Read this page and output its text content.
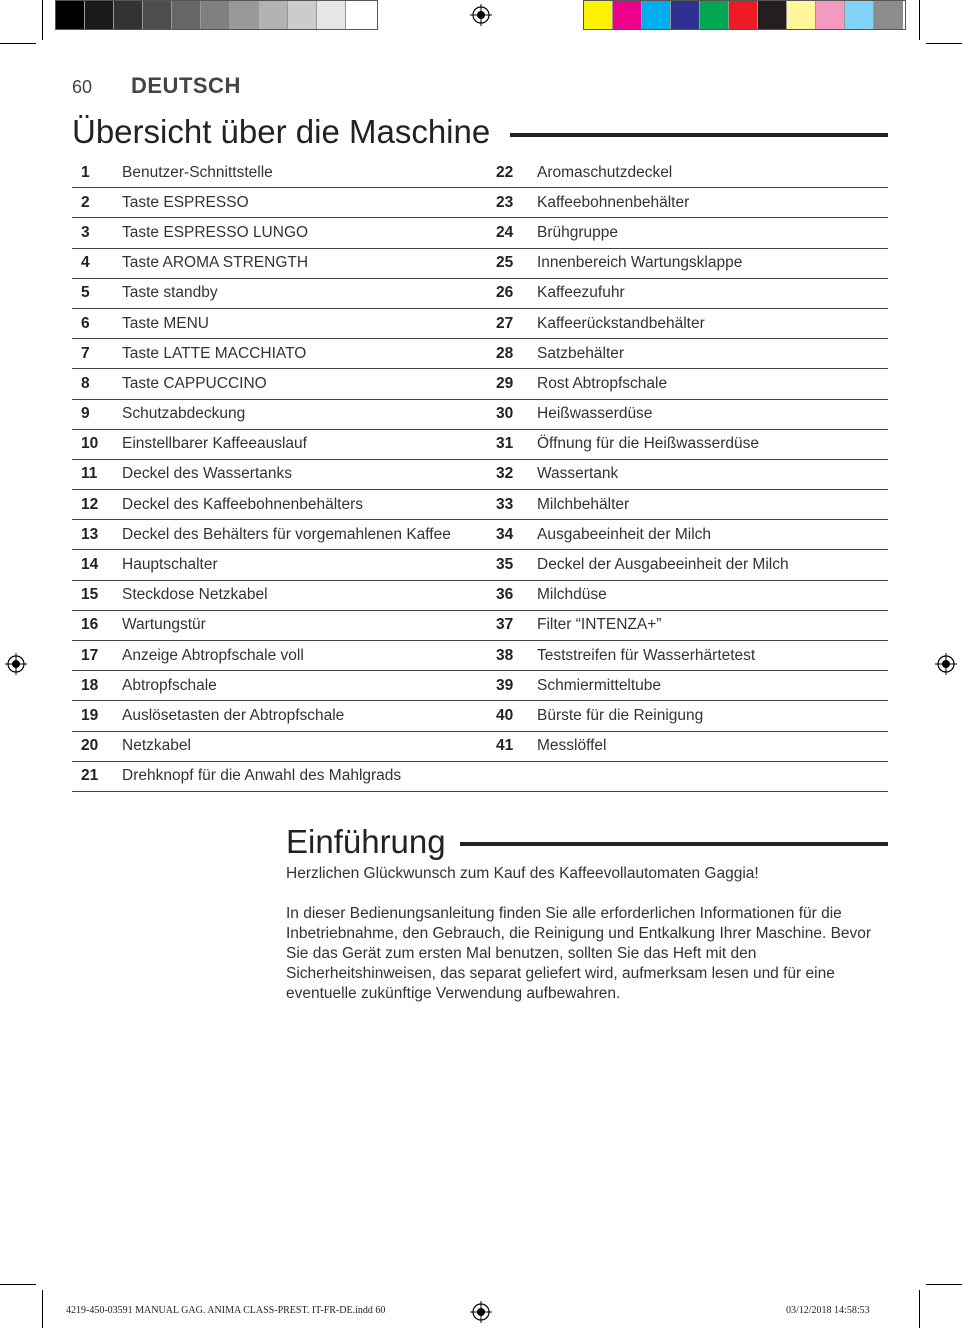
60 DEUTSCH
Übersicht über die Maschine
1	Benutzer-Schnittstelle	22	Aromaschutzdeckel
2	Taste ESPRESSO	23	Kaffeebohnenbehälter
3	Taste ESPRESSO LUNGO	24	Brühgruppe
4	Taste AROMA STRENGTH	25	Innenbereich Wartungsklappe
5	Taste standby	26	Kaffeezufuhr
6	Taste MENU	27	Kaffeerückstandbehälter
7	Taste LATTE MACCHIATO	28	Satzbehälter
8	Taste CAPPUCCINO	29	Rost Abtropfschale
9	Schutzabdeckung	30	Heißwasserdüse
10	Einstellbarer Kaffeeauslauf	31	Öffnung für die Heißwasserdüse
11	Deckel des Wassertanks	32	Wassertank
12	Deckel des Kaffeebohnenbehälters	33	Milchbehälter
13	Deckel des Behälters für vorgemahlenen Kaffee	34	Ausgabeeinheit der Milch
14	Hauptschalter	35	Deckel der Ausgabeeinheit der Milch
15	Steckdose Netzkabel	36	Milchdüse
16	Wartungstür	37	Filter “INTENZA+”
17	Anzeige Abtropfschale voll	38	Teststreifen für Wasserhärtetest
18	Abtropfschale	39	Schmiermitteltube
19	Auslösetasten der Abtropfschale	40	Bürste für die Reinigung
20	Netzkabel	41	Messlöffel
21	Drehknopf für die Anwahl des Mahlgrads		
Einführung

Herzlichen Glückwunsch zum Kauf des Kaffeevollautomaten Gaggia!

In dieser Bedienungsanleitung finden Sie alle erforderlichen Informationen für die Inbetriebnahme, den Gebrauch, die Reinigung und Entkalkung Ihrer Maschine. Bevor Sie das Gerät zum ersten Mal benutzen, sollten Sie das Heft mit den Sicherheitshinweisen, das separat geliefert wird, aufmerksam lesen und für eine eventuelle zukünftige Verwendung aufbewahren.

4219-450-03591 MANUAL GAG. ANIMA CLASS-PREST. IT-FR-DE.indd 60	03/12/2018 14:58:53
